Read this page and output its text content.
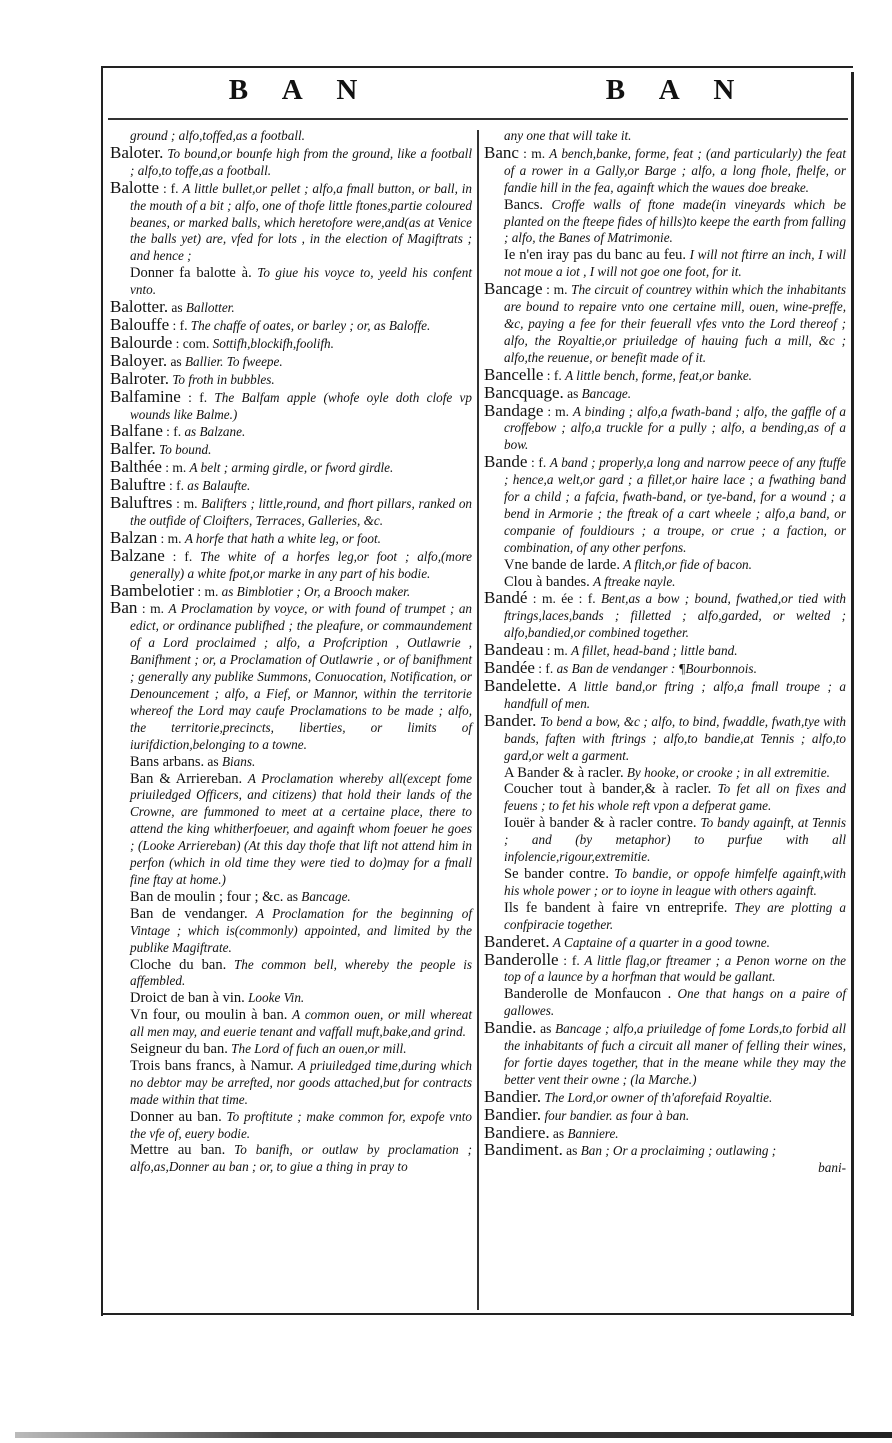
B A N	B A N

ground ; alfo,toffed,as a football.

Baloter. To bound,or bounfe high from the ground, like a football ; alfo,to toffe,as a football.

Balotte : f. A little bullet,or pellet ; alfo,a fmall button, or ball, in the mouth of a bit ; alfo, one of thofe little ftones,partie coloured beanes, or marked balls, which heretofore were,and(as at Venice the balls yet) are, vfed for lots , in the election of Magiftrats ; and hence ;

Donner fa balotte à. To giue his voyce to, yeeld his confent vnto.

Balotter. as Ballotter.

Balouffe : f. The chaffe of oates, or barley ; or, as Baloffe.

Balourde : com. Sottifh,blockifh,foolifh.

Baloyer. as Ballier. To fweepe.

Balroter. To froth in bubbles.

Balfamine : f. The Balfam apple (whofe oyle doth clofe vp wounds like Balme.)

Balfane : f. as Balzane.

Balfer. To bound.

Balthée : m. A belt ; arming girdle, or fword girdle.

Baluftre : f. as Balaufte.

Baluftres : m. Balifters ; little,round, and fhort pillars, ranked on the outfide of Cloifters, Terraces, Galleries, &c.

Balzan : m. A horfe that hath a white leg, or foot.

Balzane : f. The white of a horfes leg,or foot ; alfo,(more generally) a white fpot,or marke in any part of his bodie.

Bambelotier : m. as Bimblotier ; Or, a Brooch maker.

Ban : m. A Proclamation by voyce, or with found of trumpet ; an edict, or ordinance publifhed ; the pleafure, or commaundement of a Lord proclaimed ; alfo, a Profcription , Outlawrie , Banifhment ; or, a Proclamation of Outlawrie , or of banifhment ; generally any publike Summons, Conuocation, Notification, or Denouncement ; alfo, a Fief, or Mannor, within the territorie whereof the Lord may caufe Proclamations to be made ; alfo, the territorie,precincts, liberties, or limits of iurifdiction,belonging to a towne.

Bans arbans. as Bians.

Ban & Arriereban. A Proclamation whereby all(except fome priuiledged Officers, and citizens) that hold their lands of the Crowne, are fummoned to meet at a certaine place, there to attend the king whitherfoeuer, and againft whom foeuer he goes ; (Looke Arriereban) (At this day thofe that lift not attend him in perfon (which in old time they were tied to do)may for a fmall fine ftay at home.)

Ban de moulin ; four ; &c. as Bancage.

Ban de vendanger. A Proclamation for the beginning of Vintage ; which is(commonly) appointed, and limited by the publike Magiftrate.

Cloche du ban. The common bell, whereby the people is affembled.

Droict de ban à vin. Looke Vin.

Vn four, ou moulin à ban. A common ouen, or mill whereat all men may, and euerie tenant and vaffall muft,bake,and grind.

Seigneur du ban. The Lord of fuch an ouen,or mill.

Trois bans francs, à Namur. A priuiledged time,during which no debtor may be arrefted, nor goods attached,but for contracts made within that time.

Donner au ban. To proftitute ; make common for, expofe vnto the vfe of, euery bodie.

Mettre au ban. To banifh, or outlaw by proclamation ; alfo,as,Donner au ban ; or, to giue a thing in pray to

any one that will take it.

Banc : m. A bench,banke, forme, feat ; (and particularly) the feat of a rower in a Gally,or Barge ; alfo, a long fhole, fhelfe, or fandie hill in the fea, againft which the waues doe breake.

Bancs. Croffe walls of ftone made(in vineyards which be planted on the fteepe fides of hills)to keepe the earth from falling ; alfo, the Banes of Matrimonie.

Ie n'en iray pas du banc au feu. I will not ftirre an inch, I will not moue a iot , I will not goe one foot, for it.

Bancage : m. The circuit of countrey within which the inhabitants are bound to repaire vnto one certaine mill, ouen, wine-preffe, &c, paying a fee for their feuerall vfes vnto the Lord thereof ; alfo, the Royaltie,or priuiledge of hauing fuch a mill, &c ; alfo,the reuenue, or benefit made of it.

Bancelle : f. A little bench, forme, feat,or banke.

Bancquage. as Bancage.

Bandage : m. A binding ; alfo,a fwath-band ; alfo, the gaffle of a croffebow ; alfo,a truckle for a pully ; alfo, a bending,as of a bow.

Bande : f. A band ; properly,a long and narrow peece of any ftuffe ; hence,a welt,or gard ; a fillet,or haire lace ; a fwathing band for a child ; a fafcia, fwath-band, or tye-band, for a wound ; a bend in Armorie ; the ftreak of a cart wheele ; alfo,a band, or companie of fouldiours ; a troupe, or crue ; a faction, or combination, of any other perfons.

Vne bande de larde. A flitch,or fide of bacon.

Clou à bandes. A ftreake nayle.

Bandé : m. ée : f. Bent,as a bow ; bound, fwathed,or tied with ftrings,laces,bands ; filletted ; alfo,garded, or welted ; alfo,bandied,or combined together.

Bandeau : m. A fillet, head-band ; little band.

Bandée : f. as Ban de vendanger : ¶Bourbonnois.

Bandelette. A little band,or ftring ; alfo,a fmall troupe ; a handfull of men.

Bander. To bend a bow, &c ; alfo, to bind, fwaddle, fwath,tye with bands, faften with ftrings ; alfo,to bandie,at Tennis ; alfo,to gard,or welt a garment.

A Bander & à racler. By hooke, or crooke ; in all extremitie.

Coucher tout à bander,& à racler. To fet all on fixes and feuens ; to fet his whole reft vpon a defperat game.

Iouër à bander & à racler contre. To bandy againft, at Tennis ; and (by metaphor) to purfue with all infolencie,rigour,extremitie.

Se bander contre. To bandie, or oppofe himfelfe againft,with his whole power ; or to ioyne in league with others againft.

Ils fe bandent à faire vn entreprife. They are plotting a confpiracie together.

Banderet. A Captaine of a quarter in a good towne.

Banderolle : f. A little flag,or ftreamer ; a Penon worne on the top of a launce by a horfman that would be gallant.

Banderolle de Monfaucon . One that hangs on a paire of gallowes.

Bandie. as Bancage ; alfo,a priuiledge of fome Lords,to forbid all the inhabitants of fuch a circuit all maner of felling their wines, for fortie dayes together, that in the meane while they may the better vent their owne ; (la Marche.)

Bandier. The Lord,or owner of th'aforefaid Royaltie.

Bandier. four bandier. as four à ban.

Bandiere. as Banniere.

Bandiment. as Ban ; Or a proclaiming ; outlawing ;

bani-
